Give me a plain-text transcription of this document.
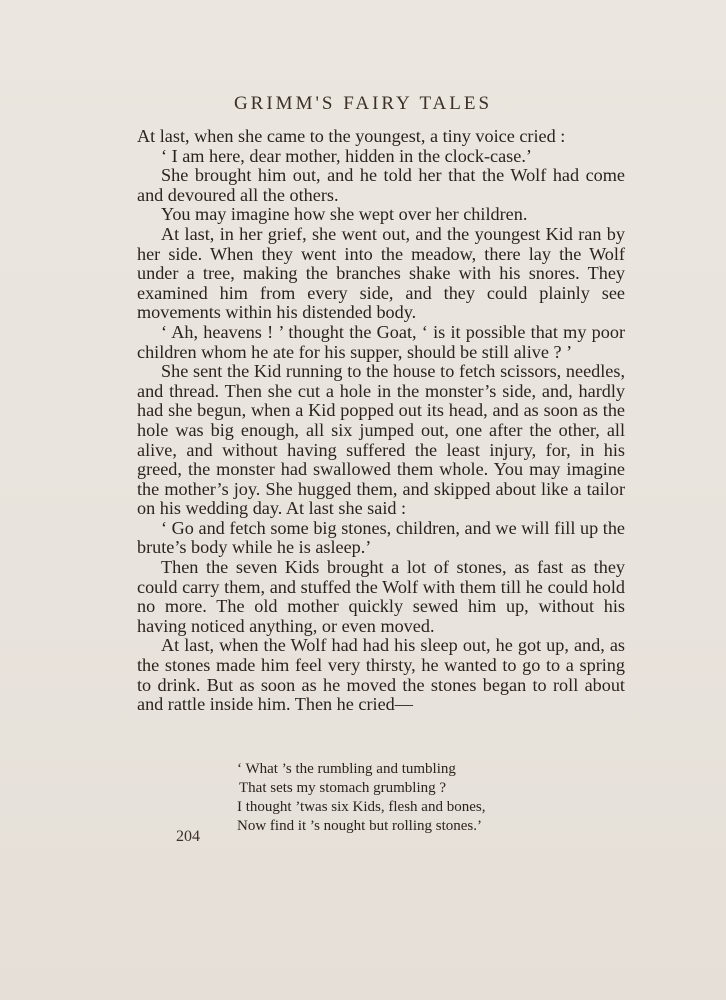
GRIMM'S FAIRY TALES

At last, when she came to the youngest, a tiny voice cried :

‘ I am here, dear mother, hidden in the clock-case.’

She brought him out, and he told her that the Wolf had come and devoured all the others.

You may imagine how she wept over her children.

At last, in her grief, she went out, and the youngest Kid ran by her side. When they went into the meadow, there lay the Wolf under a tree, making the branches shake with his snores. They examined him from every side, and they could plainly see movements within his distended body.

‘ Ah, heavens ! ’ thought the Goat, ‘ is it possible that my poor children whom he ate for his supper, should be still alive ? ’

She sent the Kid running to the house to fetch scissors, needles, and thread. Then she cut a hole in the monster’s side, and, hardly had she begun, when a Kid popped out its head, and as soon as the hole was big enough, all six jumped out, one after the other, all alive, and without having suffered the least injury, for, in his greed, the monster had swallowed them whole. You may imagine the mother’s joy. She hugged them, and skipped about like a tailor on his wedding day. At last she said :

‘ Go and fetch some big stones, children, and we will fill up the brute’s body while he is asleep.’

Then the seven Kids brought a lot of stones, as fast as they could carry them, and stuffed the Wolf with them till he could hold no more. The old mother quickly sewed him up, without his having noticed anything, or even moved.

At last, when the Wolf had had his sleep out, he got up, and, as the stones made him feel very thirsty, he wanted to go to a spring to drink. But as soon as he moved the stones began to roll about and rattle inside him. Then he cried—

‘ What ’s the rumbling and tumbling
That sets my stomach grumbling ?
I thought ’twas six Kids, flesh and bones,
Now find it ’s nought but rolling stones.’
204
